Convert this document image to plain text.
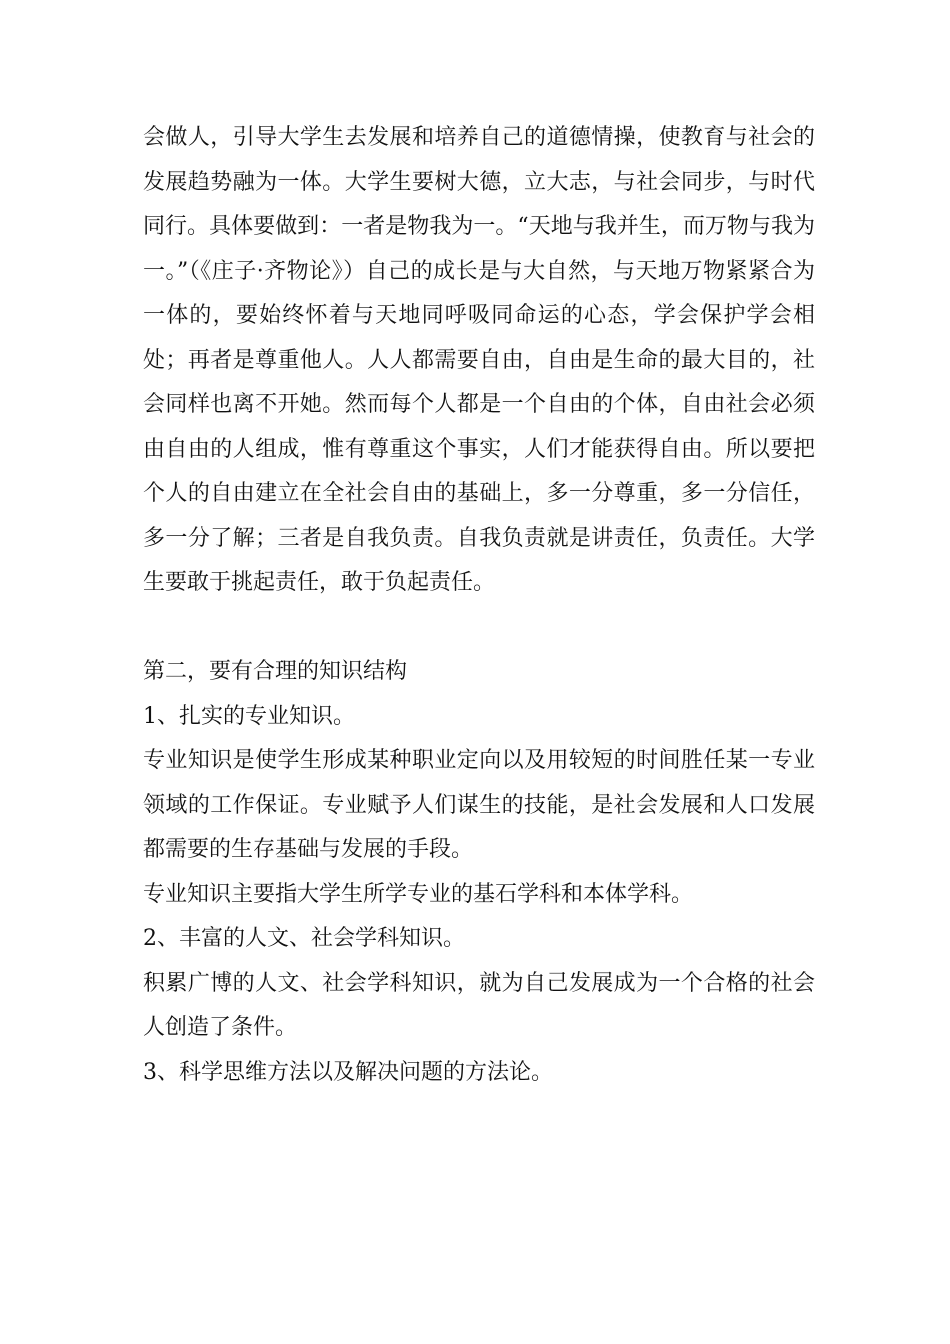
会做人，引导大学生去发展和培养自己的道德情操，使教育与社会的发展趋势融为一体。大学生要树大德，立大志，与社会同步，与时代同行。具体要做到：一者是物我为一。“天地与我并生，而万物与我为一。”（《庄子·齐物论》）自己的成长是与大自然，与天地万物紧紧合为一体的，要始终怀着与天地同呼吸同命运的心态，学会保护学会相处；再者是尊重他人。人人都需要自由，自由是生命的最大目的，社会同样也离不开她。然而每个人都是一个自由的个体，自由社会必须由自由的人组成，惟有尊重这个事实，人们才能获得自由。所以要把个人的自由建立在全社会自由的基础上，多一分尊重，多一分信任，多一分了解；三者是自我负责。自我负责就是讲责任，负责任。大学生要敢于挑起责任，敢于负起责任。

第二，要有合理的知识结构

1、扎实的专业知识。

专业知识是使学生形成某种职业定向以及用较短的时间胜任某一专业领域的工作保证。专业赋予人们谋生的技能，是社会发展和人口发展都需要的生存基础与发展的手段。

专业知识主要指大学生所学专业的基石学科和本体学科。

2、丰富的人文、社会学科知识。

积累广博的人文、社会学科知识，就为自己发展成为一个合格的社会人创造了条件。

3、科学思维方法以及解决问题的方法论。
